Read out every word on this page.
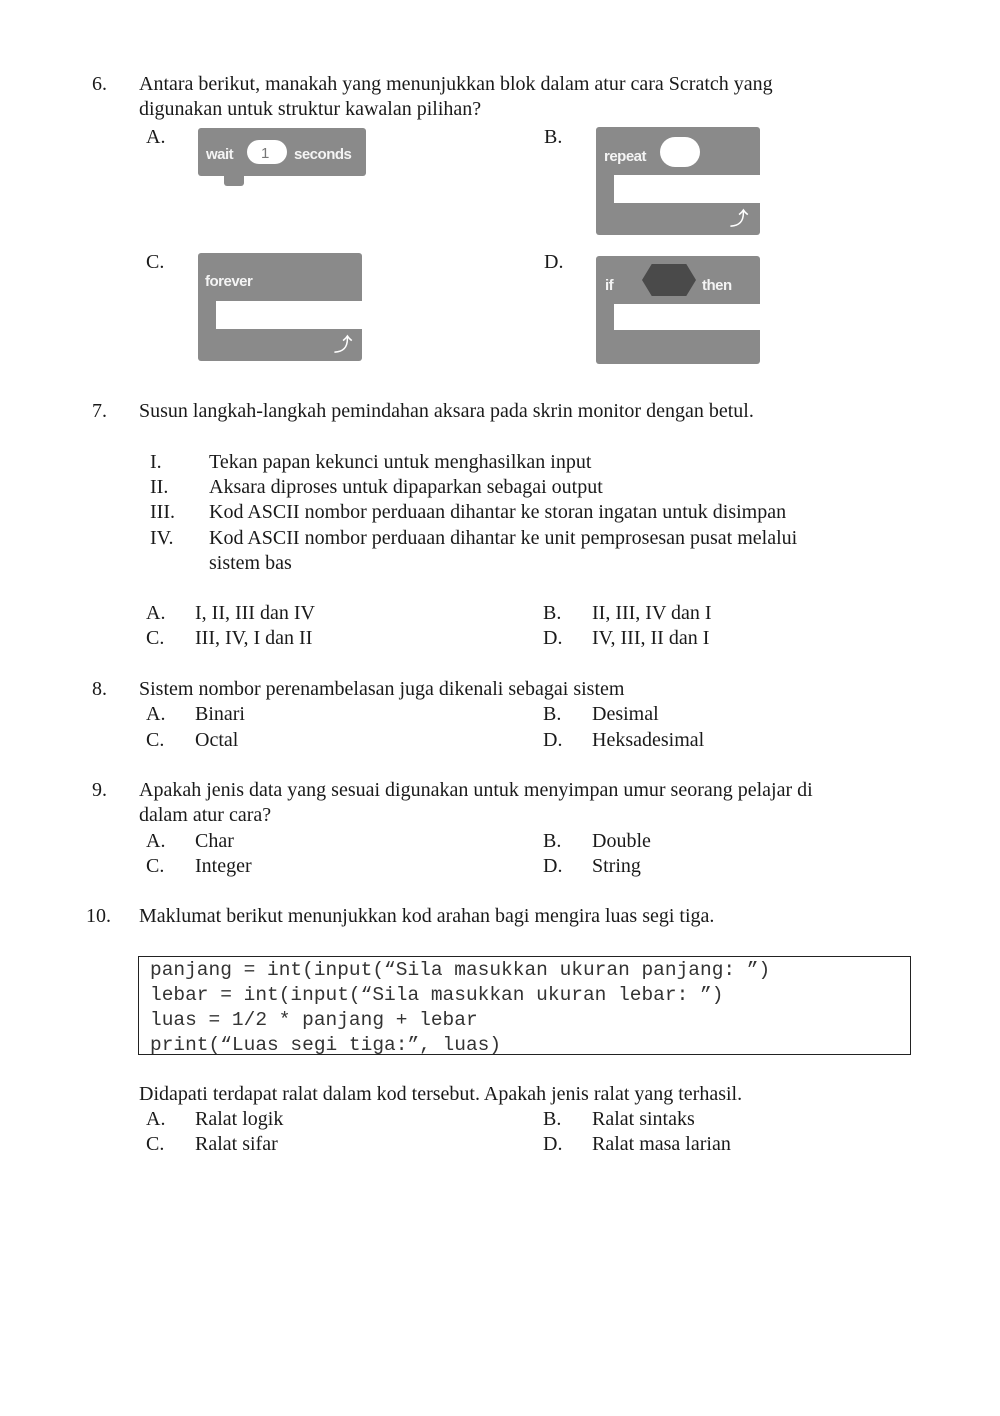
6. Antara berikut, manakah yang menunjukkan blok dalam atur cara Scratch yang
digunakan untuk struktur kawalan pilihan?
A.
wait 1 seconds
B.
repeat
⤴
C.
forever
⤴
D.
if	then
7. Susun langkah-langkah pemindahan aksara pada skrin monitor dengan betul.
I. Tekan papan kekunci untuk menghasilkan input
II. Aksara diproses untuk dipaparkan sebagai output
III. Kod ASCII nombor perduaan dihantar ke storan ingatan untuk disimpan
IV. Kod ASCII nombor perduaan dihantar ke unit pemprosesan pusat melalui
sistem bas
A. I, II, III dan IV	B. II, III, IV dan I
C. III, IV, I dan II	D. IV, III, II dan I
8. Sistem nombor perenambelasan juga dikenali sebagai sistem
A. Binari	B. Desimal
C. Octal	D. Heksadesimal
9. Apakah jenis data yang sesuai digunakan untuk menyimpan umur seorang pelajar di
dalam atur cara?
A. Char	B. Double
C. Integer	D. String
10. Maklumat berikut menunjukkan kod arahan bagi mengira luas segi tiga.
panjang = int(input(“Sila masukkan ukuran panjang: ”)
lebar = int(input(“Sila masukkan ukuran lebar: ”)
luas = 1/2 * panjang + lebar
print(“Luas segi tiga:”, luas)
Didapati terdapat ralat dalam kod tersebut. Apakah jenis ralat yang terhasil.
A. Ralat logik	B. Ralat sintaks
C. Ralat sifar	D. Ralat masa larian
